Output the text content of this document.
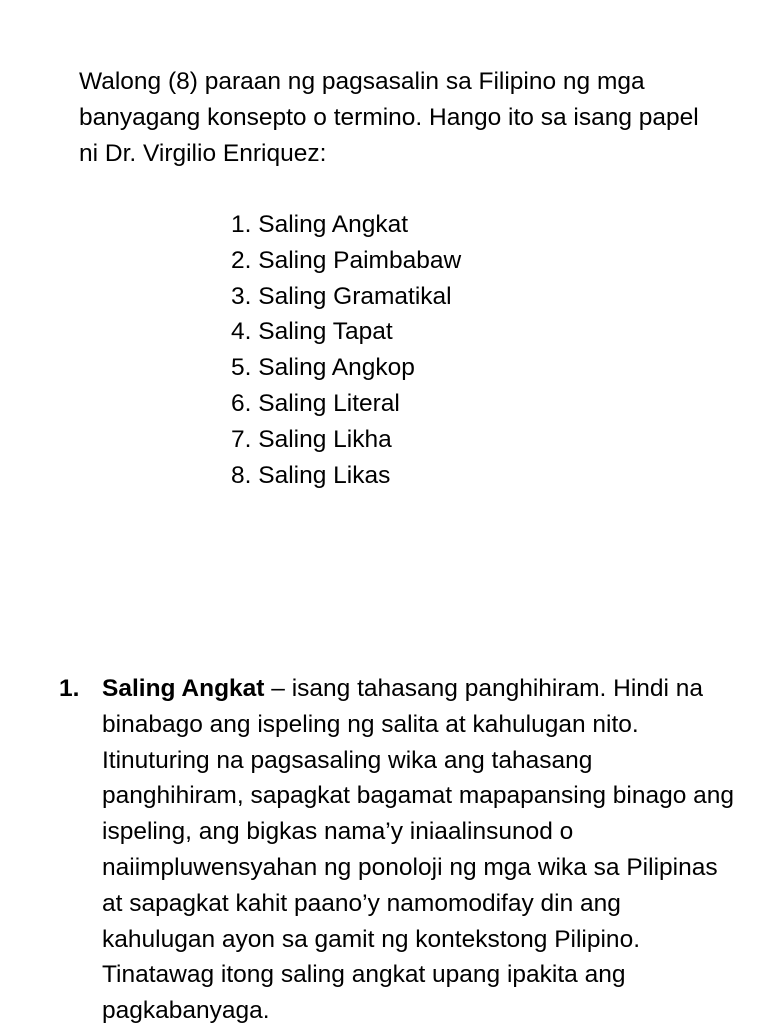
Walong (8) paraan ng pagsasalin sa Filipino ng mga banyagang konsepto o termino. Hango ito sa isang papel ni Dr. Virgilio Enriquez:

1. Saling Angkat
2. Saling Paimbabaw
3. Saling Gramatikal
4. Saling Tapat
5. Saling Angkop
6. Saling Literal
7. Saling Likha
8. Saling Likas
1. Saling Angkat – isang tahasang panghihiram. Hindi na binabago ang ispeling ng salita at kahulugan nito. Itinuturing na pagsasaling wika ang tahasang panghihiram, sapagkat bagamat mapapansing binago ang ispeling, ang bigkas nama’y iniaalinsunod o naiimpluwensyahan ng ponoloji ng mga wika sa Pilipinas at sapagkat kahit paano’y namomodifay din ang kahulugan ayon sa gamit ng kontekstong Pilipino. Tinatawag itong saling angkat upang ipakita ang pagkabanyaga.
